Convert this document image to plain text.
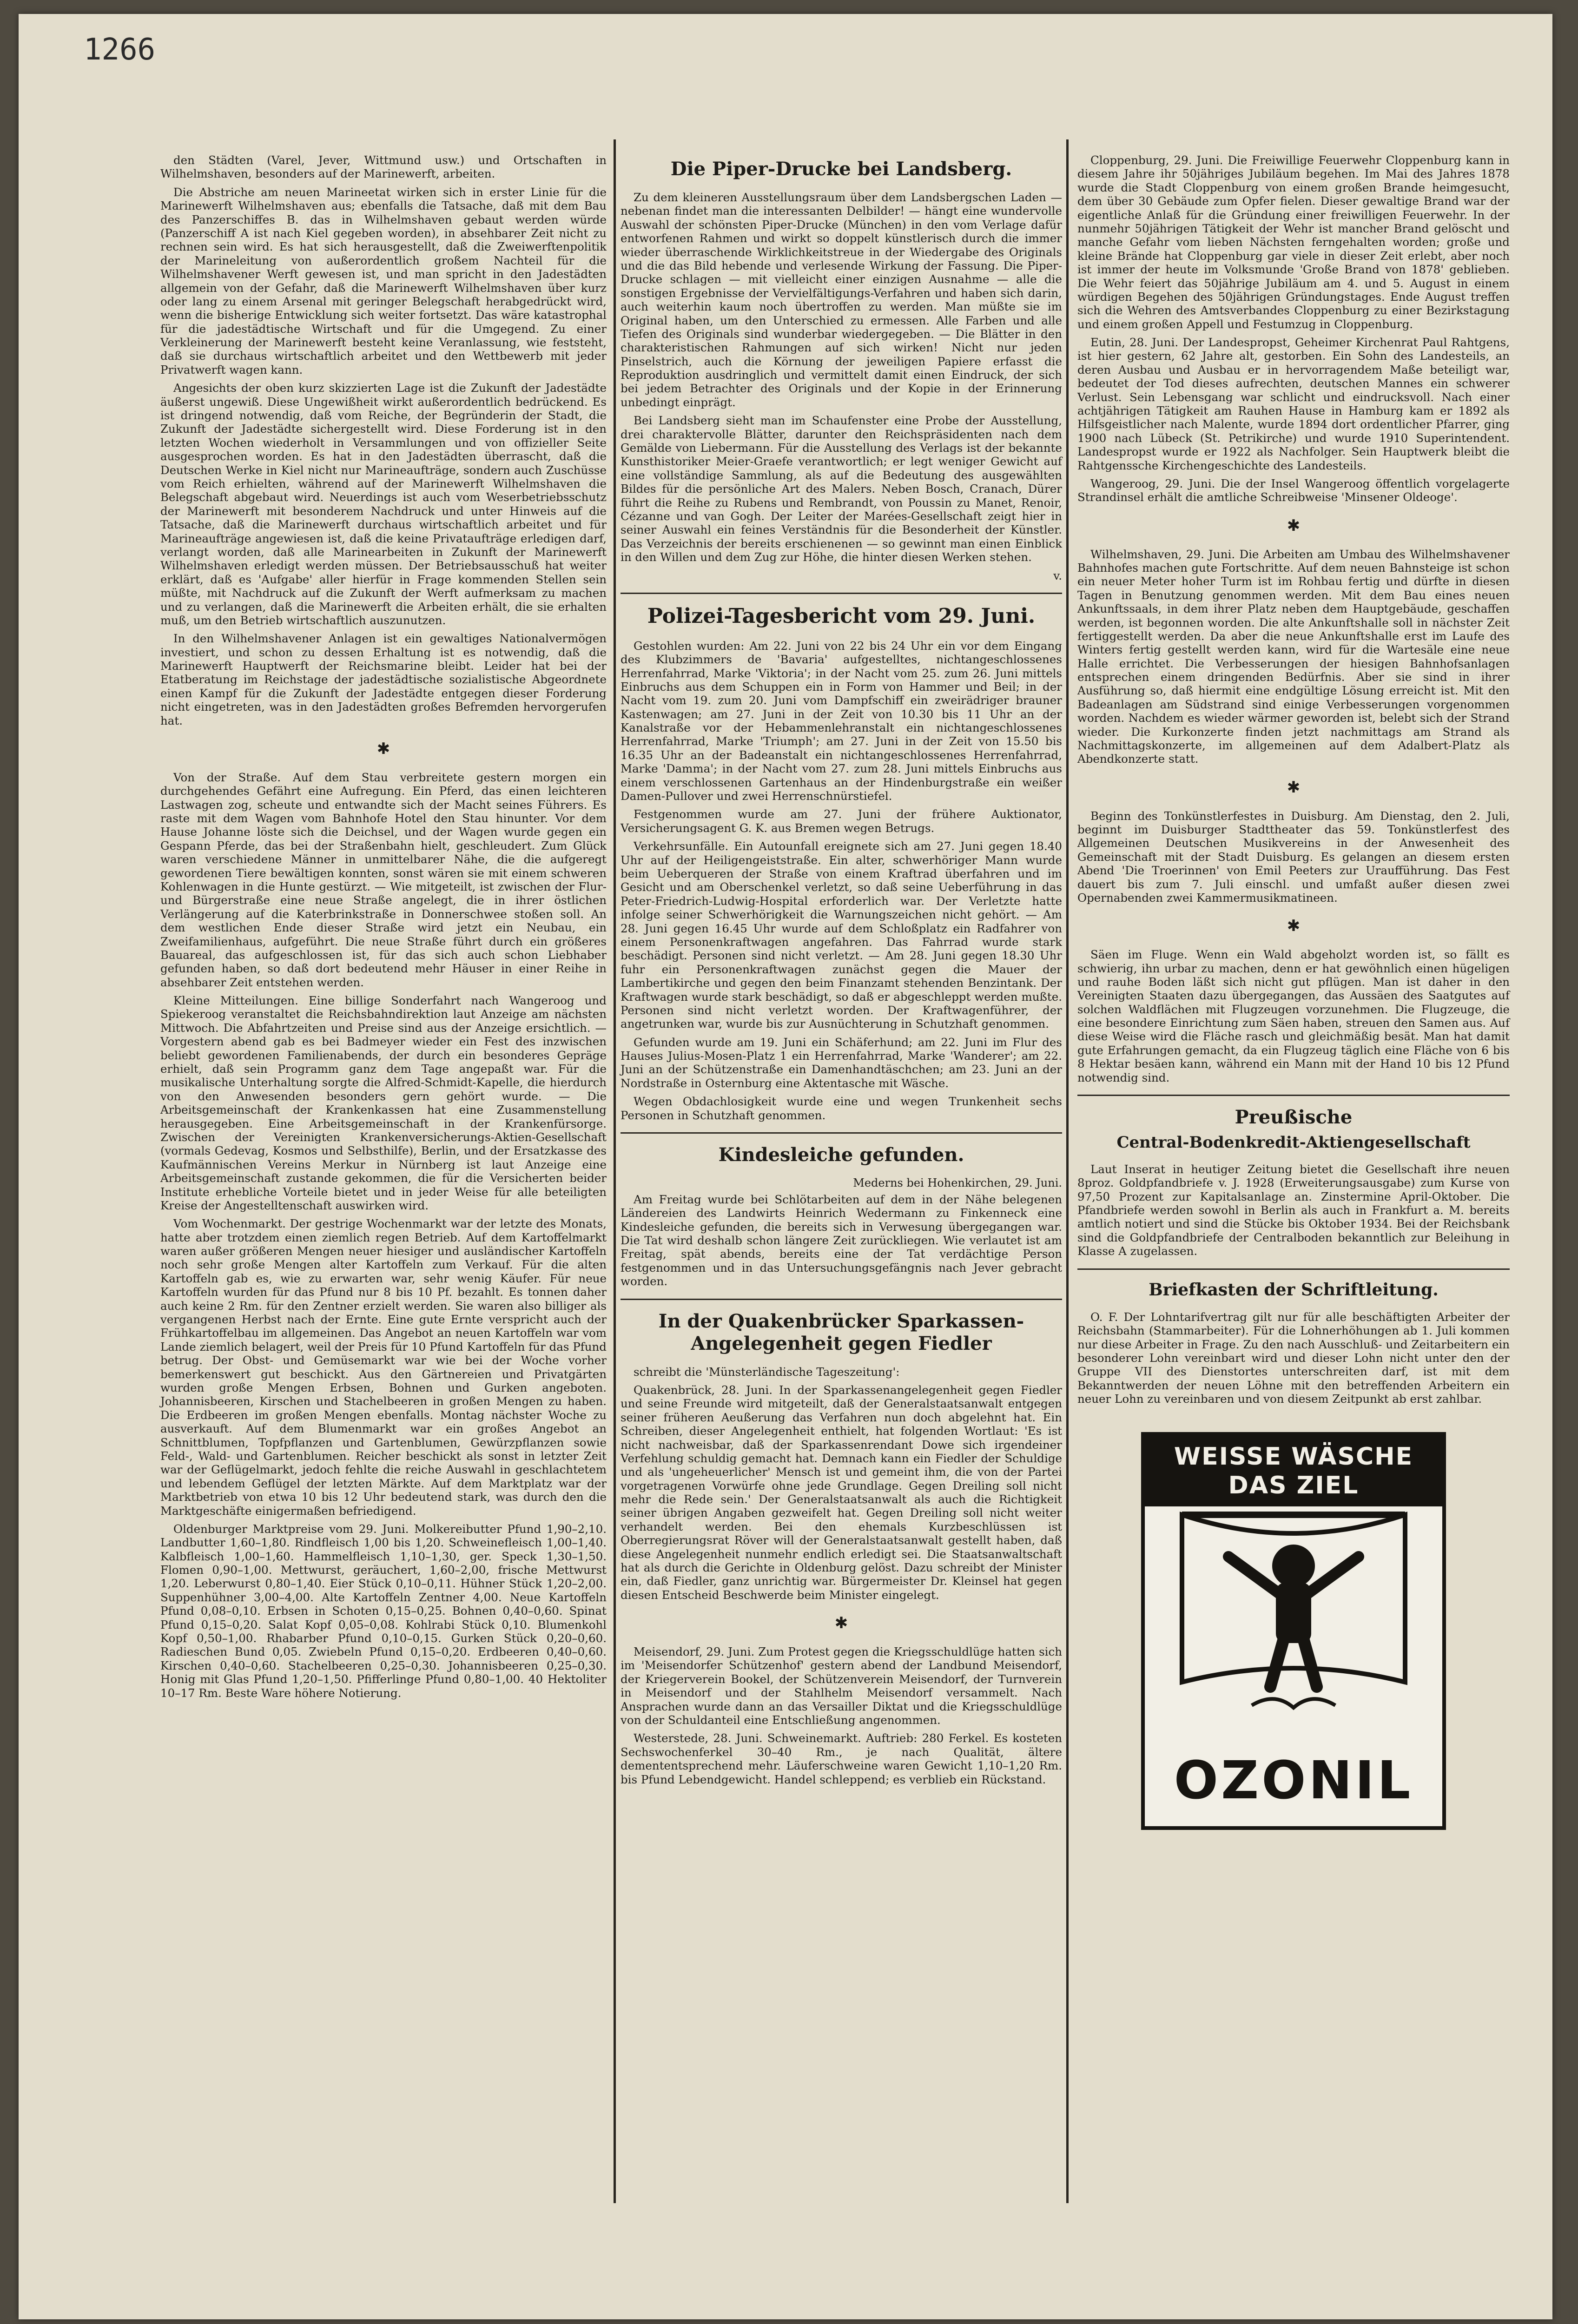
1266

den Städten (Varel, Jever, Wittmund usw.) und Ortschaften in Wilhelmshaven, besonders auf der Marinewerft, arbeiten.

Die Abstriche am neuen Marineetat wirken sich in erster Linie für die Marinewerft Wilhelmshaven aus; ebenfalls die Tatsache, daß mit dem Bau des Panzerschiffes B. das in Wilhelmshaven gebaut werden würde (Panzerschiff A ist nach Kiel gegeben worden), in absehbarer Zeit nicht zu rechnen sein wird. Es hat sich herausgestellt, daß die Zweiwerftenpolitik der Marineleitung von außerordentlich großem Nachteil für die Wilhelmshavener Werft gewesen ist, und man spricht in den Jadestädten allgemein von der Gefahr, daß die Marinewerft Wilhelmshaven über kurz oder lang zu einem Arsenal mit geringer Belegschaft herabgedrückt wird, wenn die bisherige Entwicklung sich weiter fortsetzt. Das wäre katastrophal für die jadestädtische Wirtschaft und für die Umgegend. Zu einer Verkleinerung der Marinewerft besteht keine Veranlassung, wie feststeht, daß sie durchaus wirtschaftlich arbeitet und den Wettbewerb mit jeder Privatwerft wagen kann.

Angesichts der oben kurz skizzierten Lage ist die Zukunft der Jadestädte äußerst ungewiß. Diese Ungewißheit wirkt außerordentlich bedrückend. Es ist dringend notwendig, daß vom Reiche, der Begründerin der Stadt, die Zukunft der Jadestädte sichergestellt wird. Diese Forderung ist in den letzten Wochen wiederholt in Versammlungen und von offizieller Seite ausgesprochen worden. Es hat in den Jadestädten überrascht, daß die Deutschen Werke in Kiel nicht nur Marineaufträge, sondern auch Zuschüsse vom Reich erhielten, während auf der Marinewerft Wilhelmshaven die Belegschaft abgebaut wird. Neuerdings ist auch vom Weserbetriebsschutz der Marinewerft mit besonderem Nachdruck und unter Hinweis auf die Tatsache, daß die Marinewerft durchaus wirtschaftlich arbeitet und für Marineaufträge angewiesen ist, daß die keine Privataufträge erledigen darf, verlangt worden, daß alle Marinearbeiten in Zukunft der Marinewerft Wilhelmshaven erledigt werden müssen. Der Betriebsausschuß hat weiter erklärt, daß es 'Aufgabe' aller hierfür in Frage kommenden Stellen sein müßte, mit Nachdruck auf die Zukunft der Werft aufmerksam zu machen und zu verlangen, daß die Marinewerft die Arbeiten erhält, die sie erhalten muß, um den Betrieb wirtschaftlich auszunutzen.

In den Wilhelmshavener Anlagen ist ein gewaltiges Nationalvermögen investiert, und schon zu dessen Erhaltung ist es notwendig, daß die Marinewerft Hauptwerft der Reichsmarine bleibt. Leider hat bei der Etatberatung im Reichstage der jadestädtische sozialistische Abgeordnete einen Kampf für die Zukunft der Jadestädte entgegen dieser Forderung nicht eingetreten, was in den Jadestädten großes Befremden hervorgerufen hat.

✱

Von der Straße. Auf dem Stau verbreitete gestern morgen ein durchgehendes Gefährt eine Aufregung. Ein Pferd, das einen leichteren Lastwagen zog, scheute und entwandte sich der Macht seines Führers. Es raste mit dem Wagen vom Bahnhofe Hotel den Stau hinunter. Vor dem Hause Johanne löste sich die Deichsel, und der Wagen wurde gegen ein Gespann Pferde, das bei der Straßenbahn hielt, geschleudert. Zum Glück waren verschiedene Männer in unmittelbarer Nähe, die die aufgeregt gewordenen Tiere bewältigen konnten, sonst wären sie mit einem schweren Kohlenwagen in die Hunte gestürzt. — Wie mitgeteilt, ist zwischen der Flur- und Bürgerstraße eine neue Straße angelegt, die in ihrer östlichen Verlängerung auf die Katerbrinkstraße in Donnerschwee stoßen soll. An dem westlichen Ende dieser Straße wird jetzt ein Neubau, ein Zweifamilienhaus, aufgeführt. Die neue Straße führt durch ein größeres Bauareal, das aufgeschlossen ist, für das sich auch schon Liebhaber gefunden haben, so daß dort bedeutend mehr Häuser in einer Reihe in absehbarer Zeit entstehen werden.

Kleine Mitteilungen. Eine billige Sonderfahrt nach Wangeroog und Spiekeroog veranstaltet die Reichsbahndirektion laut Anzeige am nächsten Mittwoch. Die Abfahrtzeiten und Preise sind aus der Anzeige ersichtlich. — Vorgestern abend gab es bei Badmeyer wieder ein Fest des inzwischen beliebt gewordenen Familienabends, der durch ein besonderes Gepräge erhielt, daß sein Programm ganz dem Tage angepaßt war. Für die musikalische Unterhaltung sorgte die Alfred-Schmidt-Kapelle, die hierdurch von den Anwesenden besonders gern gehört wurde. — Die Arbeitsgemeinschaft der Krankenkassen hat eine Zusammenstellung herausgegeben. Eine Arbeitsgemeinschaft in der Krankenfürsorge. Zwischen der Vereinigten Krankenversicherungs-Aktien-Gesellschaft (vormals Gedevag, Kosmos und Selbsthilfe), Berlin, und der Ersatzkasse des Kaufmännischen Vereins Merkur in Nürnberg ist laut Anzeige eine Arbeitsgemeinschaft zustande gekommen, die für die Versicherten beider Institute erhebliche Vorteile bietet und in jeder Weise für alle beteiligten Kreise der Angestelltenschaft auswirken wird.

Vom Wochenmarkt. Der gestrige Wochenmarkt war der letzte des Monats, hatte aber trotzdem einen ziemlich regen Betrieb. Auf dem Kartoffelmarkt waren außer größeren Mengen neuer hiesiger und ausländischer Kartoffeln noch sehr große Mengen alter Kartoffeln zum Verkauf. Für die alten Kartoffeln gab es, wie zu erwarten war, sehr wenig Käufer. Für neue Kartoffeln wurden für das Pfund nur 8 bis 10 Pf. bezahlt. Es tonnen daher auch keine 2 Rm. für den Zentner erzielt werden. Sie waren also billiger als vergangenen Herbst nach der Ernte. Eine gute Ernte verspricht auch der Frühkartoffelbau im allgemeinen. Das Angebot an neuen Kartoffeln war vom Lande ziemlich belagert, weil der Preis für 10 Pfund Kartoffeln für das Pfund betrug. Der Obst- und Gemüsemarkt war wie bei der Woche vorher bemerkenswert gut beschickt. Aus den Gärtnereien und Privatgärten wurden große Mengen Erbsen, Bohnen und Gurken angeboten. Johannisbeeren, Kirschen und Stachelbeeren in großen Mengen zu haben. Die Erdbeeren im großen Mengen ebenfalls. Montag nächster Woche zu ausverkauft. Auf dem Blumenmarkt war ein großes Angebot an Schnittblumen, Topfpflanzen und Gartenblumen, Gewürzpflanzen sowie Feld-, Wald- und Gartenblumen. Reicher beschickt als sonst in letzter Zeit war der Geflügelmarkt, jedoch fehlte die reiche Auswahl in geschlachtetem und lebendem Geflügel der letzten Märkte. Auf dem Marktplatz war der Marktbetrieb von etwa 10 bis 12 Uhr bedeutend stark, was durch den die Marktgeschäfte einigermaßen befriedigend.

Oldenburger Marktpreise vom 29. Juni. Molkereibutter Pfund 1,90–2,10. Landbutter 1,60–1,80. Rindfleisch 1,00 bis 1,20. Schweinefleisch 1,00–1,40. Kalbfleisch 1,00–1,60. Hammelfleisch 1,10–1,30, ger. Speck 1,30–1,50. Flomen 0,90–1,00. Mettwurst, geräuchert, 1,60–2,00, frische Mettwurst 1,20. Leberwurst 0,80–1,40. Eier Stück 0,10–0,11. Hühner Stück 1,20–2,00. Suppenhühner 3,00–4,00. Alte Kartoffeln Zentner 4,00. Neue Kartoffeln Pfund 0,08–0,10. Erbsen in Schoten 0,15–0,25. Bohnen 0,40–0,60. Spinat Pfund 0,15–0,20. Salat Kopf 0,05–0,08. Kohlrabi Stück 0,10. Blumenkohl Kopf 0,50–1,00. Rhabarber Pfund 0,10–0,15. Gurken Stück 0,20–0,60. Radieschen Bund 0,05. Zwiebeln Pfund 0,15–0,20. Erdbeeren 0,40–0,60. Kirschen 0,40–0,60. Stachelbeeren 0,25–0,30. Johannisbeeren 0,25–0,30. Honig mit Glas Pfund 1,20–1,50. Pfifferlinge Pfund 0,80–1,00. 40 Hektoliter 10–17 Rm. Beste Ware höhere Notierung.

Die Piper-Drucke bei Landsberg.

Zu dem kleineren Ausstellungsraum über dem Landsbergschen Laden — nebenan findet man die interessanten Delbilder! — hängt eine wundervolle Auswahl der schönsten Piper-Drucke (München) in den vom Verlage dafür entworfenen Rahmen und wirkt so doppelt künstlerisch durch die immer wieder überraschende Wirklichkeitstreue in der Wiedergabe des Originals und die das Bild hebende und verlesende Wirkung der Fassung. Die Piper-Drucke schlagen — mit vielleicht einer einzigen Ausnahme — alle die sonstigen Ergebnisse der Vervielfältigungs-Verfahren und haben sich darin, auch weiterhin kaum noch übertroffen zu werden. Man müßte sie im Original haben, um den Unterschied zu ermessen. Alle Farben und alle Tiefen des Originals sind wunderbar wiedergegeben. — Die Blätter in den charakteristischen Rahmungen auf sich wirken! Nicht nur jeden Pinselstrich, auch die Körnung der jeweiligen Papiere erfasst die Reproduktion ausdringlich und vermittelt damit einen Eindruck, der sich bei jedem Betrachter des Originals und der Kopie in der Erinnerung unbedingt einprägt.

Bei Landsberg sieht man im Schaufenster eine Probe der Ausstellung, drei charaktervolle Blätter, darunter den Reichspräsidenten nach dem Gemälde von Liebermann. Für die Ausstellung des Verlags ist der bekannte Kunsthistoriker Meier-Graefe verantwortlich; er legt weniger Gewicht auf eine vollständige Sammlung, als auf die Bedeutung des ausgewählten Bildes für die persönliche Art des Malers. Neben Bosch, Cranach, Dürer führt die Reihe zu Rubens und Rembrandt, von Poussin zu Manet, Renoir, Cézanne und van Gogh. Der Leiter der Marées-Gesellschaft zeigt hier in seiner Auswahl ein feines Verständnis für die Besonderheit der Künstler. Das Verzeichnis der bereits erschienenen — so gewinnt man einen Einblick in den Willen und dem Zug zur Höhe, die hinter diesen Werken stehen.

v.
Polizei-Tagesbericht vom 29. Juni.

Gestohlen wurden: Am 22. Juni von 22 bis 24 Uhr ein vor dem Eingang des Klubzimmers de 'Bavaria' aufgestelltes, nichtangeschlossenes Herrenfahrrad, Marke 'Viktoria'; in der Nacht vom 25. zum 26. Juni mittels Einbruchs aus dem Schuppen ein in Form von Hammer und Beil; in der Nacht vom 19. zum 20. Juni vom Dampfschiff ein zweirädriger brauner Kastenwagen; am 27. Juni in der Zeit von 10.30 bis 11 Uhr an der Kanalstraße vor der Hebammenlehranstalt ein nichtangeschlossenes Herrenfahrrad, Marke 'Triumph'; am 27. Juni in der Zeit von 15.50 bis 16.35 Uhr an der Badeanstalt ein nichtangeschlossenes Herrenfahrrad, Marke 'Damma'; in der Nacht vom 27. zum 28. Juni mittels Einbruchs aus einem verschlossenen Gartenhaus an der Hindenburgstraße ein weißer Damen-Pullover und zwei Herrenschnürstiefel.

Festgenommen wurde am 27. Juni der frühere Auktionator, Versicherungsagent G. K. aus Bremen wegen Betrugs.

Verkehrsunfälle. Ein Autounfall ereignete sich am 27. Juni gegen 18.40 Uhr auf der Heiligengeiststraße. Ein alter, schwerhöriger Mann wurde beim Ueberqueren der Straße von einem Kraftrad überfahren und im Gesicht und am Oberschenkel verletzt, so daß seine Ueberführung in das Peter-Friedrich-Ludwig-Hospital erforderlich war. Der Verletzte hatte infolge seiner Schwerhörigkeit die Warnungszeichen nicht gehört. — Am 28. Juni gegen 16.45 Uhr wurde auf dem Schloßplatz ein Radfahrer von einem Personenkraftwagen angefahren. Das Fahrrad wurde stark beschädigt. Personen sind nicht verletzt. — Am 28. Juni gegen 18.30 Uhr fuhr ein Personenkraftwagen zunächst gegen die Mauer der Lambertikirche und gegen den beim Finanzamt stehenden Benzintank. Der Kraftwagen wurde stark beschädigt, so daß er abgeschleppt werden mußte. Personen sind nicht verletzt worden. Der Kraftwagenführer, der angetrunken war, wurde bis zur Ausnüchterung in Schutzhaft genommen.

Gefunden wurde am 19. Juni ein Schäferhund; am 22. Juni im Flur des Hauses Julius-Mosen-Platz 1 ein Herrenfahrrad, Marke 'Wanderer'; am 22. Juni an der Schützenstraße ein Damenhandtäschchen; am 23. Juni an der Nordstraße in Osternburg eine Aktentasche mit Wäsche.

Wegen Obdachlosigkeit wurde eine und wegen Trunkenheit sechs Personen in Schutzhaft genommen.

Kindesleiche gefunden.
Mederns bei Hohenkirchen, 29. Juni.

Am Freitag wurde bei Schlötarbeiten auf dem in der Nähe belegenen Ländereien des Landwirts Heinrich Wedermann zu Finkenneck eine Kindesleiche gefunden, die bereits sich in Verwesung übergegangen war. Die Tat wird deshalb schon längere Zeit zurückliegen. Wie verlautet ist am Freitag, spät abends, bereits eine der Tat verdächtige Person festgenommen und in das Untersuchungsgefängnis nach Jever gebracht worden.

In der Quakenbrücker Sparkassen-Angelegenheit gegen Fiedler

schreibt die 'Münsterländische Tageszeitung':

Quakenbrück, 28. Juni. In der Sparkassenangelegenheit gegen Fiedler und seine Freunde wird mitgeteilt, daß der Generalstaatsanwalt entgegen seiner früheren Aeußerung das Verfahren nun doch abgelehnt hat. Ein Schreiben, dieser Angelegenheit enthielt, hat folgenden Wortlaut: 'Es ist nicht nachweisbar, daß der Sparkassenrendant Dowe sich irgendeiner Verfehlung schuldig gemacht hat. Demnach kann ein Fiedler der Schuldige und als 'ungeheuerlicher' Mensch ist und gemeint ihm, die von der Partei vorgetragenen Vorwürfe ohne jede Grundlage. Gegen Dreiling soll nicht mehr die Rede sein.' Der Generalstaatsanwalt als auch die Richtigkeit seiner übrigen Angaben gezweifelt hat. Gegen Dreiling soll nicht weiter verhandelt werden. Bei den ehemals Kurzbeschlüssen ist Oberregierungsrat Röver will der Generalstaatsanwalt gestellt haben, daß diese Angelegenheit nunmehr endlich erledigt sei. Die Staatsanwaltschaft hat als durch die Gerichte in Oldenburg gelöst. Dazu schreibt der Minister ein, daß Fiedler, ganz unrichtig war. Bürgermeister Dr. Kleinsel hat gegen diesen Entscheid Beschwerde beim Minister eingelegt.

✱

Meisendorf, 29. Juni. Zum Protest gegen die Kriegsschuldlüge hatten sich im 'Meisendorfer Schützenhof' gestern abend der Landbund Meisendorf, der Kriegerverein Bookel, der Schützenverein Meisendorf, der Turnverein in Meisendorf und der Stahlhelm Meisendorf versammelt. Nach Ansprachen wurde dann an das Versailler Diktat und die Kriegsschuldlüge von der Schuldanteil eine Entschließung angenommen.

Westerstede, 28. Juni. Schweinemarkt. Auftrieb: 280 Ferkel. Es kosteten Sechswochenferkel 30–40 Rm., je nach Qualität, ältere demententsprechend mehr. Läuferschweine waren Gewicht 1,10–1,20 Rm. bis Pfund Lebendgewicht. Handel schleppend; es verblieb ein Rückstand.

Cloppenburg, 29. Juni. Die Freiwillige Feuerwehr Cloppenburg kann in diesem Jahre ihr 50jähriges Jubiläum begehen. Im Mai des Jahres 1878 wurde die Stadt Cloppenburg von einem großen Brande heimgesucht, dem über 30 Gebäude zum Opfer fielen. Dieser gewaltige Brand war der eigentliche Anlaß für die Gründung einer freiwilligen Feuerwehr. In der nunmehr 50jährigen Tätigkeit der Wehr ist mancher Brand gelöscht und manche Gefahr vom lieben Nächsten ferngehalten worden; große und kleine Brände hat Cloppenburg gar viele in dieser Zeit erlebt, aber noch ist immer der heute im Volksmunde 'Große Brand von 1878' geblieben. Die Wehr feiert das 50jährige Jubiläum am 4. und 5. August in einem würdigen Begehen des 50jährigen Gründungstages. Ende August treffen sich die Wehren des Amtsverbandes Cloppenburg zu einer Bezirkstagung und einem großen Appell und Festumzug in Cloppenburg.

Eutin, 28. Juni. Der Landespropst, Geheimer Kirchenrat Paul Rahtgens, ist hier gestern, 62 Jahre alt, gestorben. Ein Sohn des Landesteils, an deren Ausbau und Ausbau er in hervorragendem Maße beteiligt war, bedeutet der Tod dieses aufrechten, deutschen Mannes ein schwerer Verlust. Sein Lebensgang war schlicht und eindrucksvoll. Nach einer achtjährigen Tätigkeit am Rauhen Hause in Hamburg kam er 1892 als Hilfsgeistlicher nach Malente, wurde 1894 dort ordentlicher Pfarrer, ging 1900 nach Lübeck (St. Petrikirche) und wurde 1910 Superintendent. Landespropst wurde er 1922 als Nachfolger. Sein Hauptwerk bleibt die Rahtgenssche Kirchengeschichte des Landesteils.

Wangeroog, 29. Juni. Die der Insel Wangeroog öffentlich vorgelagerte Strandinsel erhält die amtliche Schreibweise 'Minsener Oldeoge'.

✱

Wilhelmshaven, 29. Juni. Die Arbeiten am Umbau des Wilhelmshavener Bahnhofes machen gute Fortschritte. Auf dem neuen Bahnsteige ist schon ein neuer Meter hoher Turm ist im Rohbau fertig und dürfte in diesen Tagen in Benutzung genommen werden. Mit dem Bau eines neuen Ankunftssaals, in dem ihrer Platz neben dem Hauptgebäude, geschaffen werden, ist begonnen worden. Die alte Ankunftshalle soll in nächster Zeit fertiggestellt werden. Da aber die neue Ankunftshalle erst im Laufe des Winters fertig gestellt werden kann, wird für die Wartesäle eine neue Halle errichtet. Die Verbesserungen der hiesigen Bahnhofsanlagen entsprechen einem dringenden Bedürfnis. Aber sie sind in ihrer Ausführung so, daß hiermit eine endgültige Lösung erreicht ist. Mit den Badeanlagen am Südstrand sind einige Verbesserungen vorgenommen worden. Nachdem es wieder wärmer geworden ist, belebt sich der Strand wieder. Die Kurkonzerte finden jetzt nachmittags am Strand als Nachmittagskonzerte, im allgemeinen auf dem Adalbert-Platz als Abendkonzerte statt.

✱

Beginn des Tonkünstlerfestes in Duisburg. Am Dienstag, den 2. Juli, beginnt im Duisburger Stadttheater das 59. Tonkünstlerfest des Allgemeinen Deutschen Musikvereins in der Anwesenheit des Gemeinschaft mit der Stadt Duisburg. Es gelangen an diesem ersten Abend 'Die Troerinnen' von Emil Peeters zur Uraufführung. Das Fest dauert bis zum 7. Juli einschl. und umfaßt außer diesen zwei Opernabenden zwei Kammermusikmatineen.

✱

Säen im Fluge. Wenn ein Wald abgeholzt worden ist, so fällt es schwierig, ihn urbar zu machen, denn er hat gewöhnlich einen hügeligen und rauhe Boden läßt sich nicht gut pflügen. Man ist daher in den Vereinigten Staaten dazu übergegangen, das Aussäen des Saatgutes auf solchen Waldflächen mit Flugzeugen vorzunehmen. Die Flugzeuge, die eine besondere Einrichtung zum Säen haben, streuen den Samen aus. Auf diese Weise wird die Fläche rasch und gleichmäßig besät. Man hat damit gute Erfahrungen gemacht, da ein Flugzeug täglich eine Fläche von 6 bis 8 Hektar besäen kann, während ein Mann mit der Hand 10 bis 12 Pfund notwendig sind.

Preußische
Central-Bodenkredit-Aktiengesellschaft

Laut Inserat in heutiger Zeitung bietet die Gesellschaft ihre neuen 8proz. Goldpfandbriefe v. J. 1928 (Erweiterungsausgabe) zum Kurse von 97,50 Prozent zur Kapitalsanlage an. Zinstermine April-Oktober. Die Pfandbriefe werden sowohl in Berlin als auch in Frankfurt a. M. bereits amtlich notiert und sind die Stücke bis Oktober 1934. Bei der Reichsbank sind die Goldpfandbriefe der Centralboden bekanntlich zur Beleihung in Klasse A zugelassen.

Briefkasten der Schriftleitung.

O. F. Der Lohntarifvertrag gilt nur für alle beschäftigten Arbeiter der Reichsbahn (Stammarbeiter). Für die Lohnerhöhungen ab 1. Juli kommen nur diese Arbeiter in Frage. Zu den nach Ausschluß- und Zeitarbeitern ein besonderer Lohn vereinbart wird und dieser Lohn nicht unter den der Gruppe VII des Dienstortes unterschreiten darf, ist mit dem Bekanntwerden der neuen Löhne mit den betreffenden Arbeitern ein neuer Lohn zu vereinbaren und von diesem Zeitpunkt ab erst zahlbar.

WEISSE WÄSCHE DAS ZIEL
OZONIL
